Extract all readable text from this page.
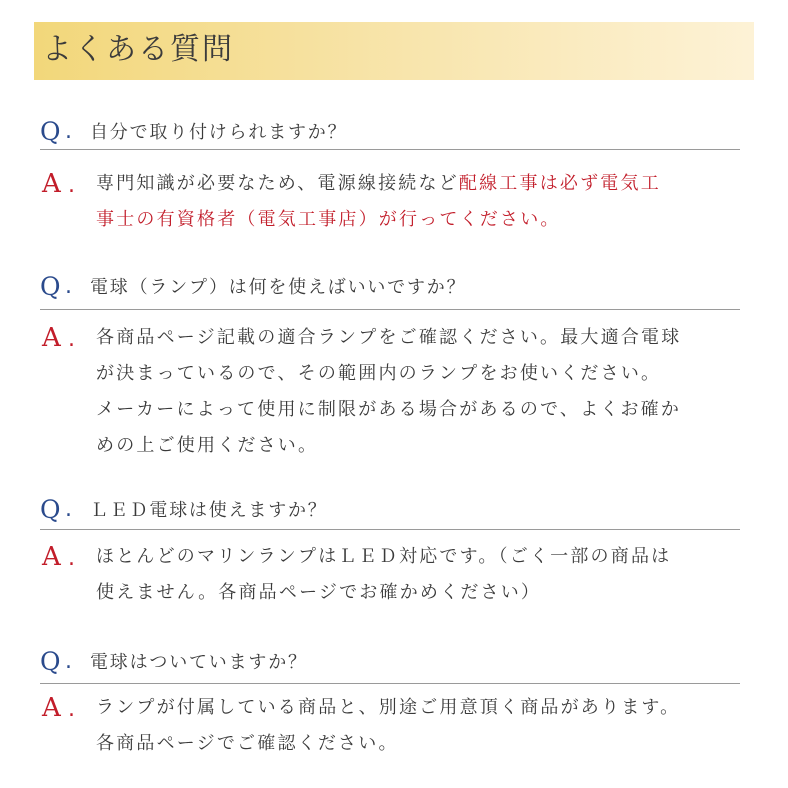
よくある質問
Q . 自分で取り付けられますか？
A . 専門知識が必要なため、電源線接続など配線工事は必ず電気工
事士の有資格者（電気工事店）が行ってください。
Q . 電球（ランプ）は何を使えばいいですか？
A . 各商品ページ記載の適合ランプをご確認ください。最大適合電球
が決まっているので、その範囲内のランプをお使いください。
メーカーによって使用に制限がある場合があるので、よくお確か
めの上ご使用ください。
Q . ＬＥＤ電球は使えますか？
A . ほとんどのマリンランプはＬＥＤ対応です。（ごく一部の商品は
使えません。各商品ページでお確かめください）
Q . 電球はついていますか？
A . ランプが付属している商品と、別途ご用意頂く商品があります。
各商品ページでご確認ください。
